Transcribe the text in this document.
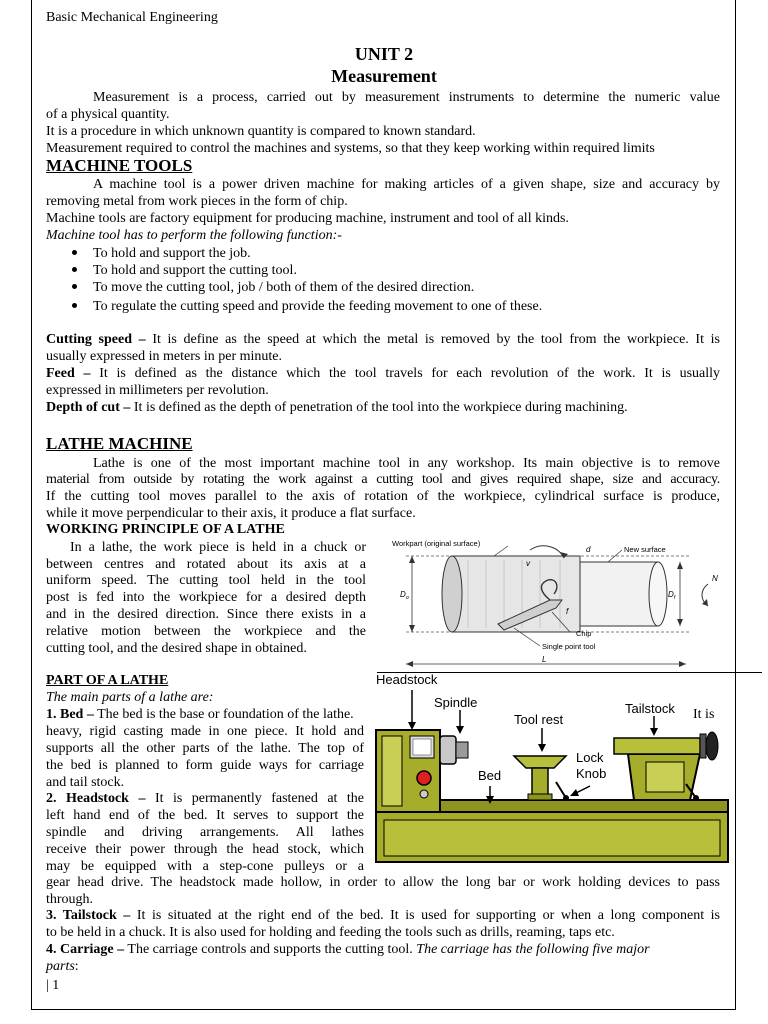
Basic Mechanical Engineering
UNIT 2
Measurement
Measurement is a process, carried out by measurement instruments to determine the numeric value
of a physical quantity.
It is a procedure in which unknown quantity is compared to known standard.
Measurement required to control the machines and systems, so that they keep working within required limits
MACHINE TOOLS
A machine tool is a power driven machine for making articles of a given shape, size and accuracy by
removing metal from work pieces in the form of chip.
Machine tools are factory equipment for producing machine, instrument and tool of all kinds.
Machine tool has to perform the following function:-
To hold and support the job.
To hold and support the cutting tool.
To move the cutting tool, job / both of them of the desired direction.
To regulate the cutting speed and provide the feeding movement to one of these.
Cutting speed – It is define as the speed at which the metal is removed by the tool from the workpiece. It is
usually expressed in meters in per minute.
Feed – It is defined as the distance which the tool travels for each revolution of the work. It is usually
expressed in millimeters per revolution.
Depth of cut – It is defined as the depth of penetration of the tool into the workpiece during machining.
LATHE MACHINE
Lathe is one of the most important machine tool in any workshop. Its main objective is to remove
material from outside by rotating the work against a cutting tool and gives required shape, size and accuracy.
If the cutting tool moves parallel to the axis of rotation of the workpiece, cylindrical surface is produce,
while it move perpendicular to their axis, it produce a flat surface.
WORKING PRINCIPLE OF A LATHE
In a lathe, the work piece is held in a chuck or
between centres and rotated about its axis at a
uniform speed. The cutting tool held in the tool
post is fed into the workpiece for a desired depth
and in the desired direction. Since there exists in a
relative motion between the workpiece and the
cutting tool, and the desired shape in obtained.
Workpart (original surface)
New surface
Chip
Single point tool
$D_o$	$D_f$
N
v
f
d
L
PART OF A LATHE
The main parts of a lathe are:
1. Bed – The bed is the base or foundation of the lathe.	It is
heavy, rigid casting made in one piece. It hold and
supports all the other parts of the lathe. The top of
the bed is planned to form guide ways for carriage
and tail stock.
2. Headstock – It is permanently fastened at the
left hand end of the bed. It serves to support the
spindle and driving arrangements. All lathes
receive their power through the head stock, which
may be equipped with a step-cone pulleys or a
gear head drive. The headstock made hollow, in order to allow the long bar or work holding devices to pass
through.
3. Tailstock – It is situated at the right end of the bed. It is used for supporting or when a long component is
to be held in a chuck. It is also used for holding and feeding the tools such as drills, reaming, taps etc.
4. Carriage – The carriage controls and supports the cutting tool. The carriage has the following five major
parts:
| 1
Headstock
Spindle
Tool rest
Tailstock
Bed
Lock
Knob
